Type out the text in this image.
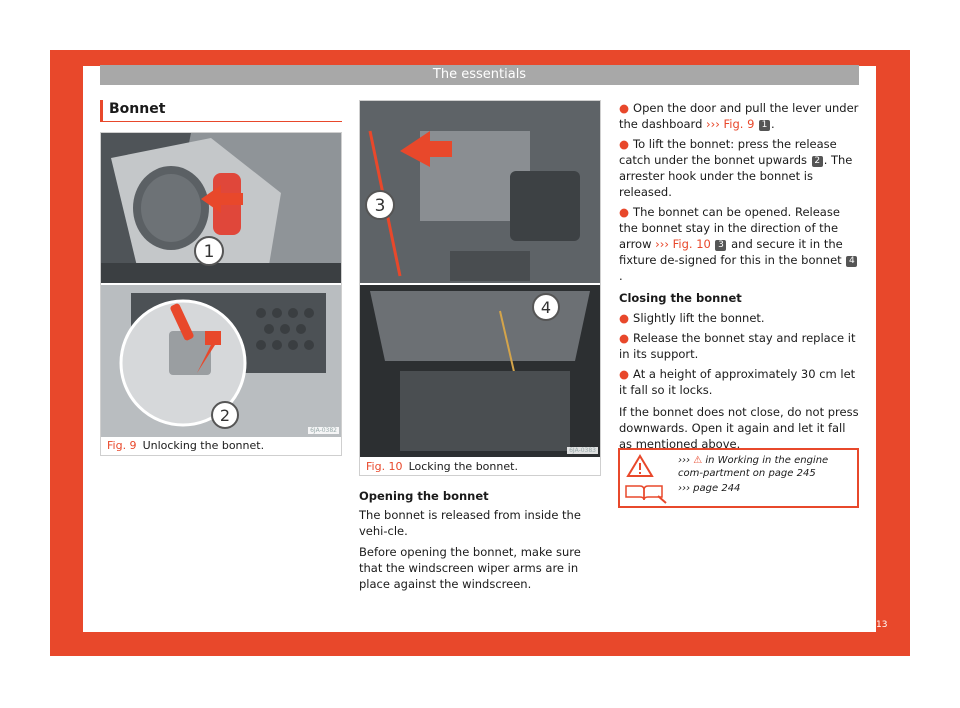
The essentials
Bonnet
1
2
6JA-0382
Fig. 9 Unlocking the bonnet.
3
4
6JA-0383
Fig. 10 Locking the bonnet.

Opening the bonnet

The bonnet is released from inside the vehi-cle.

Before opening the bonnet, make sure that the windscreen wiper arms are in place against the windscreen.

● Open the door and pull the lever under the dashboard ››› Fig. 9 1 .

● To lift the bonnet: press the release catch under the bonnet upwards 2 . The arrester hook under the bonnet is released.

● The bonnet can be opened. Release the bonnet stay in the direction of the arrow ››› Fig. 10 3 and secure it in the fixture de-signed for this in the bonnet 4.

Closing the bonnet

● Slightly lift the bonnet.

● Release the bonnet stay and replace it in its support.

● At a height of approximately 30 cm let it fall so it locks.

If the bonnet does not close, do not press downwards. Open it again and let it fall as mentioned above.

››› ⚠ in Working in the engine com-partment on page 245
››› page 244
13
